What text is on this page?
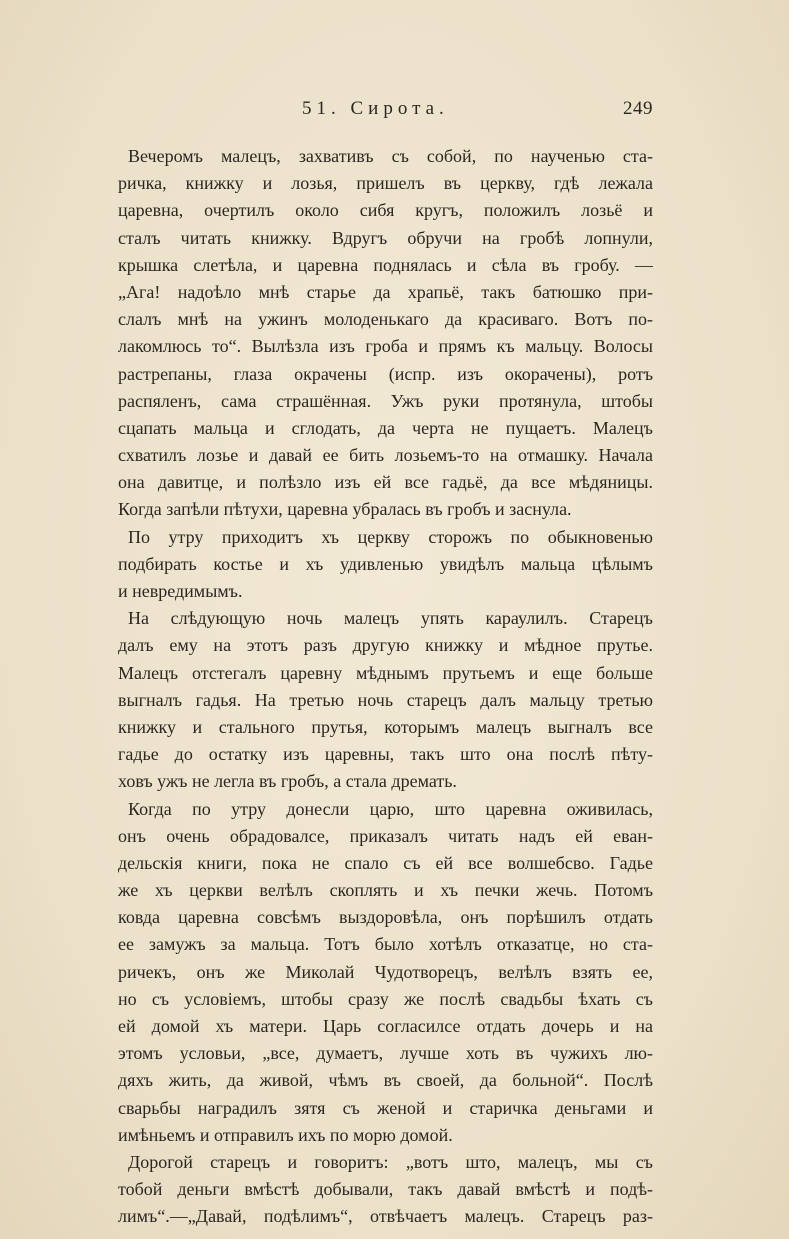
51. Сирота.	249
Вечеромъ малецъ, захвативъ съ собой, по наученью ста-
ричка, книжку и лозья, пришелъ въ церкву, гдѣ лежала
царевна, очертилъ около сибя кругъ, положилъ лозьё и
сталъ читать книжку. Вдругъ обручи на гробѣ лопнули,
крышка слетѣла, и царевна поднялась и сѣла въ гробу. —
„Ага! надоѣло мнѣ старье да храпьё, такъ батюшко при-
слалъ мнѣ на ужинъ молоденькаго да красиваго. Вотъ по-
лакомлюсь то“. Вылѣзла изъ гроба и прямъ къ мальцу. Волосы
растрепаны, глаза окрачены (испр. изъ окорачены), ротъ
распяленъ, сама страшённая. Ужъ руки протянула, штобы
сцапать мальца и сглодать, да черта не пущаетъ. Малецъ
схватилъ лозье и давай ее бить лозьемъ-то на отмашку. Начала
она давитце, и полѣзло изъ ей все гадьё, да все мѣдяницы.
Когда запѣли пѣтухи, царевна убралась въ гробъ и заснула.
По утру приходитъ хъ церкву сторожъ по обыкновенью
подбирать костье и хъ удивленью увидѣлъ мальца цѣлымъ
и невредимымъ.
На слѣдующую ночь малецъ упять караулилъ. Старецъ
далъ ему на этотъ разъ другую книжку и мѣдное прутье.
Малецъ отстегалъ царевну мѣднымъ прутьемъ и еще больше
выгналъ гадья. На третью ночь старецъ далъ мальцу третью
книжку и стального прутья, которымъ малецъ выгналъ все
гадье до остатку изъ царевны, такъ што она послѣ пѣту-
ховъ ужъ не легла въ гробъ, а стала дремать.
Когда по утру донесли царю, што царевна оживилась,
онъ очень обрадовалсе, приказалъ читать надъ ей еван-
дельскія книги, пока не спало съ ей все волшебсво. Гадье
же хъ церкви велѣлъ скоплять и хъ печки жечь. Потомъ
ковда царевна совсѣмъ выздоровѣла, онъ порѣшилъ отдать
ее замужъ за мальца. Тотъ было хотѣлъ отказатце, но ста-
ричекъ, онъ же Миколай Чудотворецъ, велѣлъ взять ее,
но съ условіемъ, штобы сразу же послѣ свадьбы ѣхать съ
ей домой хъ матери. Царь согласилсе отдать дочерь и на
этомъ условьи, „все, думаетъ, лучше хоть въ чужихъ лю-
дяхъ жить, да живой, чѣмъ въ своей, да больной“. Послѣ
сварьбы наградилъ зятя съ женой и старичка деньгами и
имѣньемъ и отправилъ ихъ по морю домой.
Дорогой старецъ и говоритъ: „вотъ што, малецъ, мы съ
тобой деньги вмѣстѣ добывали, такъ давай вмѣстѣ и подѣ-
лимъ“.—„Давай, подѣлимъ“, отвѣчаетъ малецъ. Старецъ раз-
